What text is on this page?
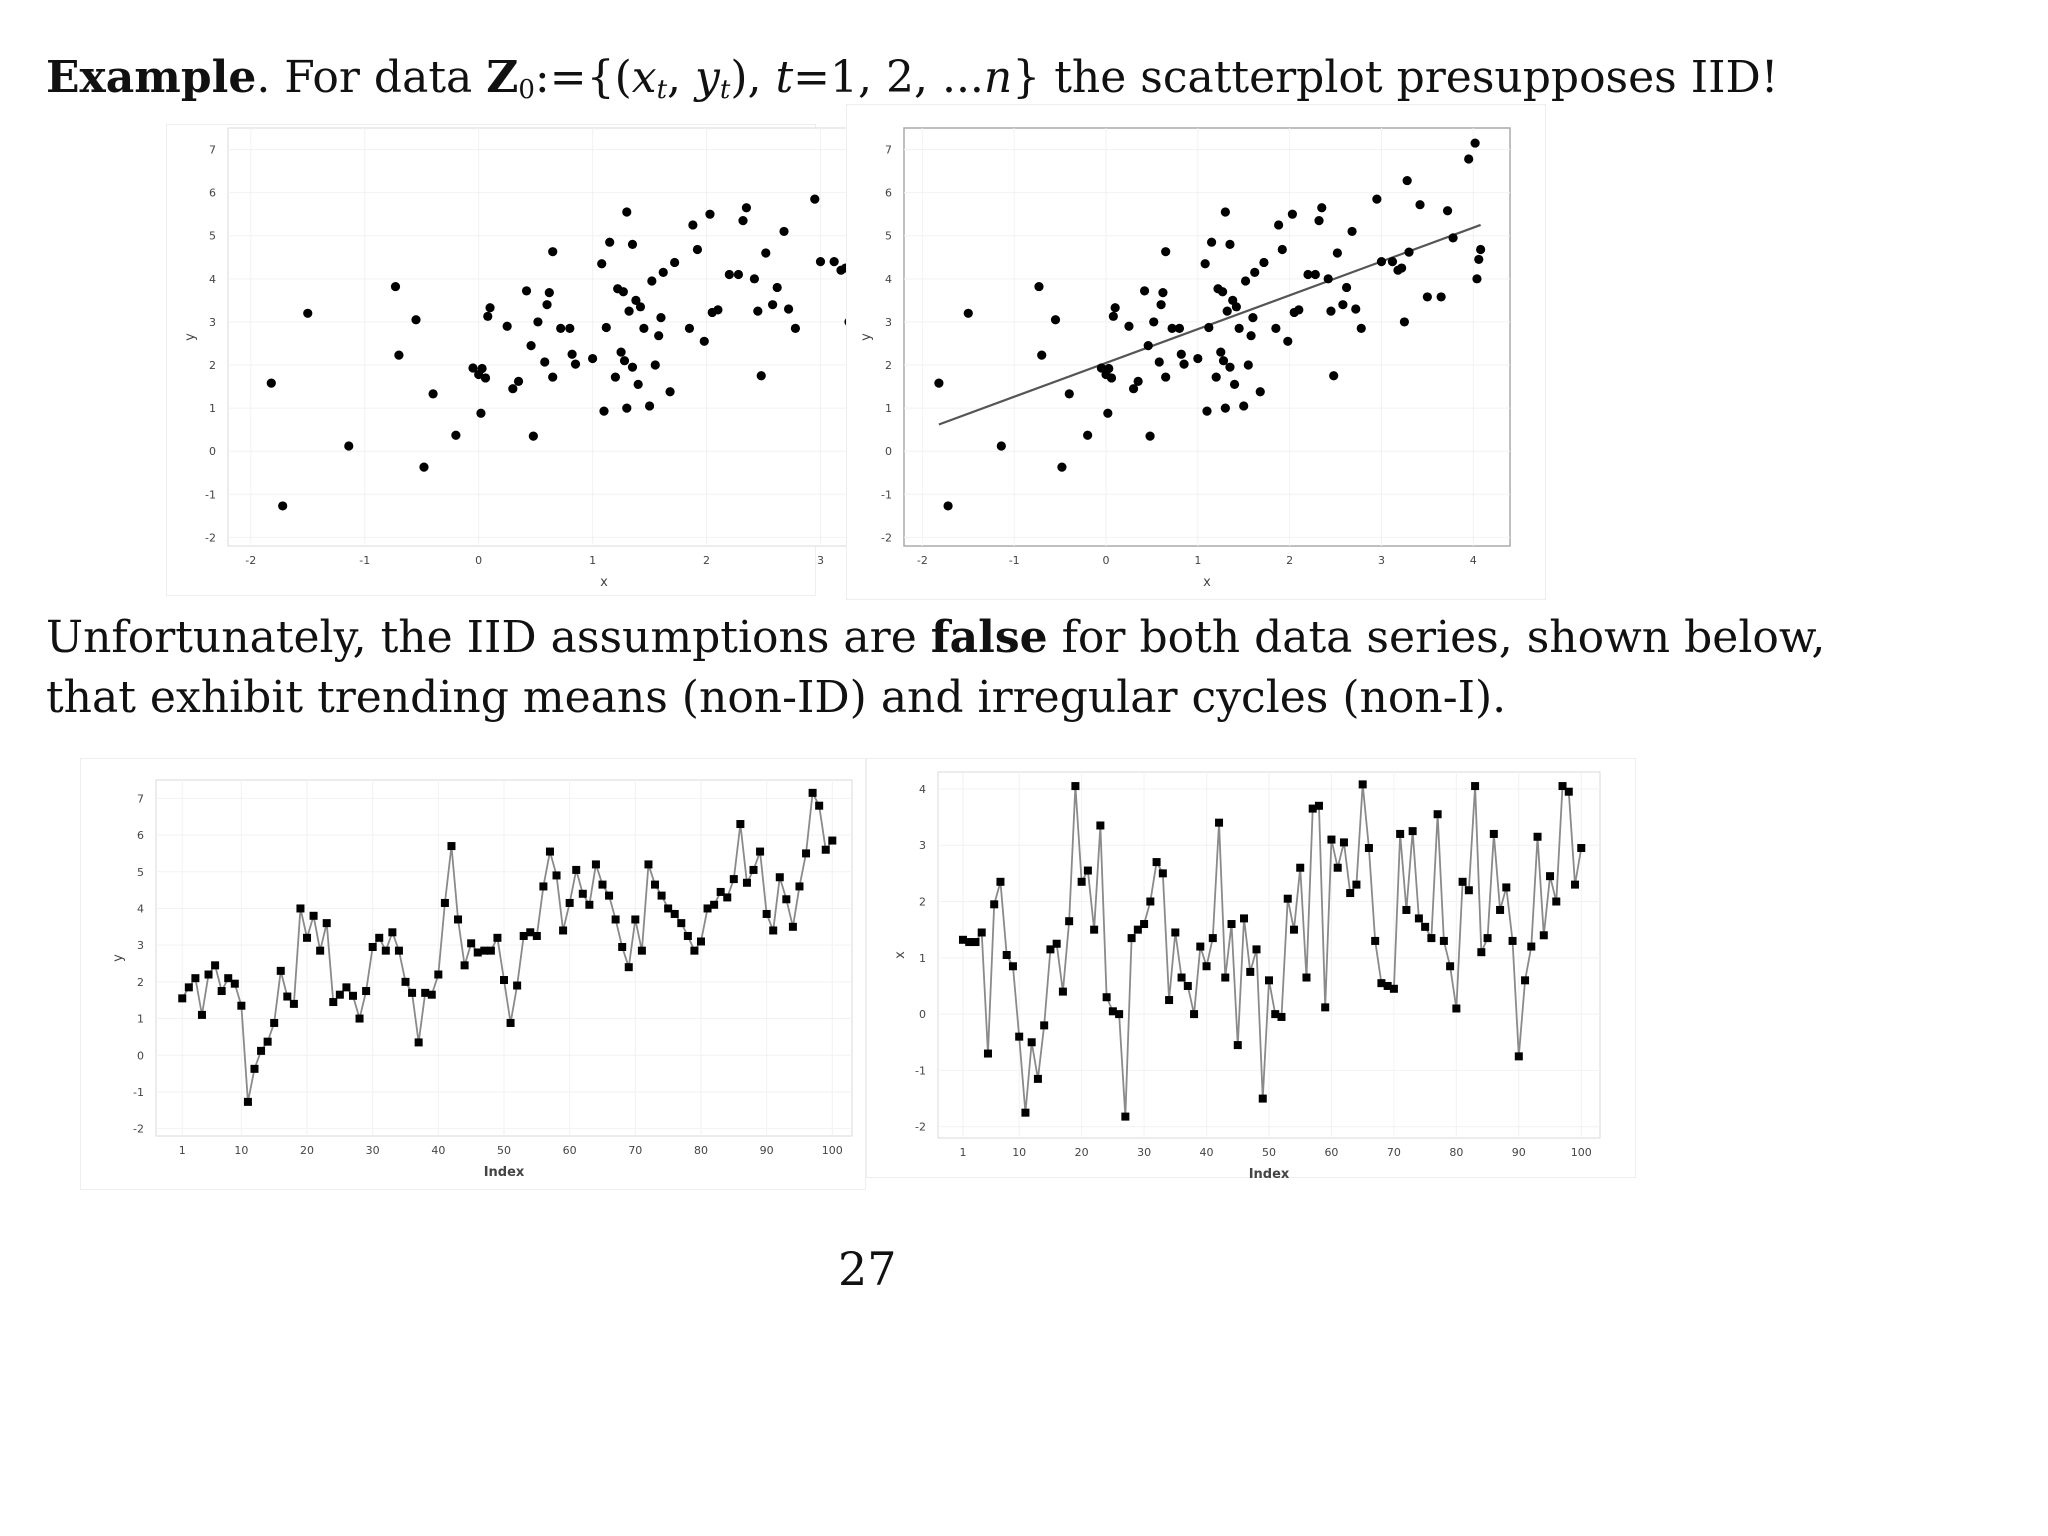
Example. For data $Z0:=\{(x_t$, $y_t$), t=1, 2, ...n} the scatterplot presupposes IID!
Unfortunately, the IID assumptions are false for both data series, shown below,
that exhibit trending means (non-ID) and irregular cycles (non-I).
-2	-1	0	1	2	3
-2
-1
0
1
2
3
4
5
6
7
x
y
-2	-1	0	1	2	3	4
-2
-1
0
1
2
3
4
5
6
7
x
y
1	10	20	30	40	50	60	70	80	90	100
-2
-1
0
1
2
3
4
5
6
7
Index
y
1	10	20	30	40	50	60	70	80	90	100
-2
-1
0
1
2
3
4
Index
x
27
